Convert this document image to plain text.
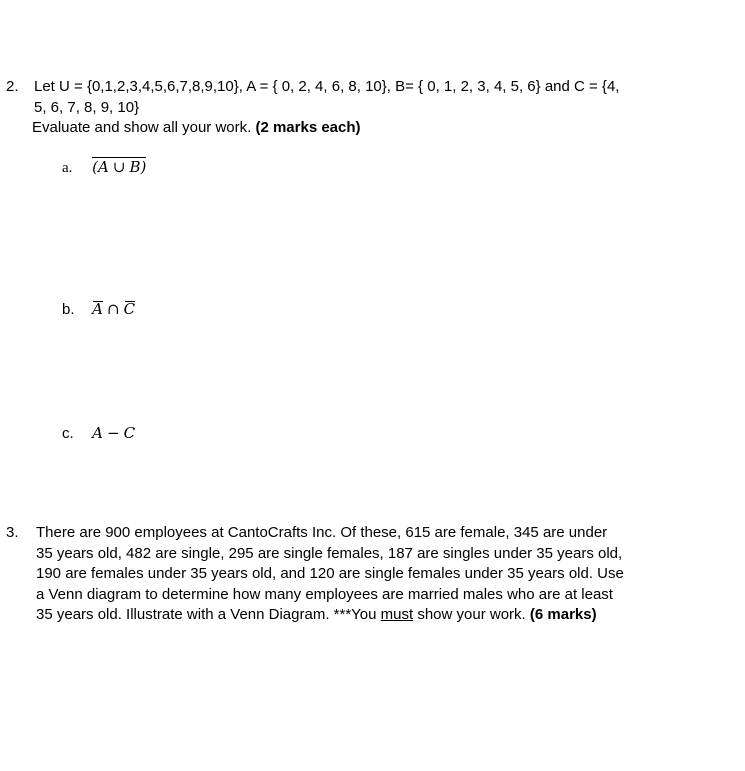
2. Let U = {0,1,2,3,4,5,6,7,8,9,10}, A = { 0, 2, 4, 6, 8, 10}, B= { 0, 1, 2, 3, 4, 5, 6} and C = {4,
5, 6, 7, 8, 9, 10}
Evaluate and show all your work. (2 marks each)
a. (A ∪ B)
b. A ∩ C
c. A − C
3. There are 900 employees at CantoCrafts Inc. Of these, 615 are female, 345 are under
35 years old, 482 are single, 295 are single females, 187 are singles under 35 years old,
190 are females under 35 years old, and 120 are single females under 35 years old. Use
a Venn diagram to determine how many employees are married males who are at least
35 years old. Illustrate with a Venn Diagram. ***You must show your work. (6 marks)
